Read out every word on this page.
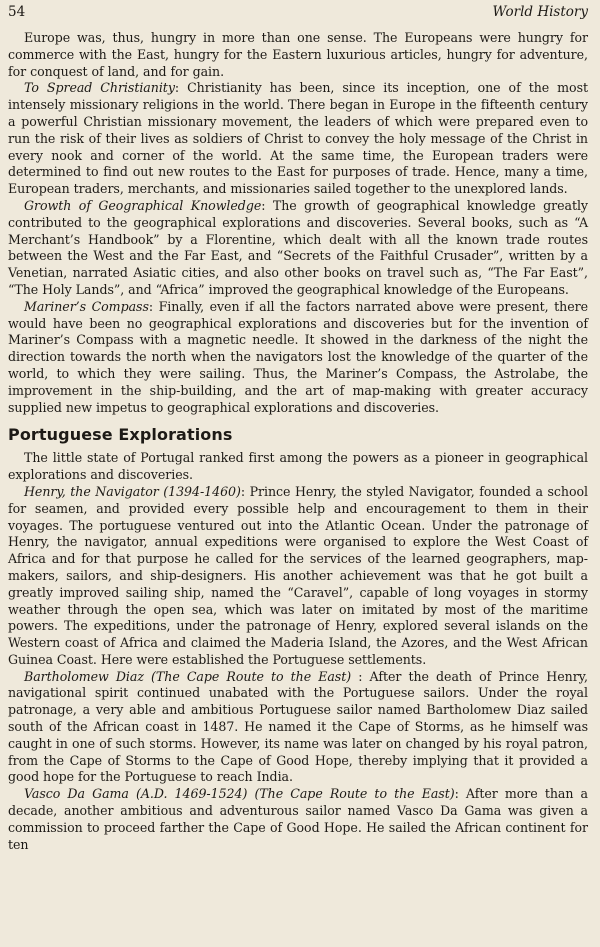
54	World History

Europe was, thus, hungry in more than one sense. The Europeans were hungry for commerce with the East, hungry for the Eastern luxurious articles, hungry for adventure, for conquest of land, and for gain.

To Spread Christianity: Christianity has been, since its inception, one of the most intensely missionary religions in the world. There began in Europe in the fifteenth century a powerful Christian missionary movement, the leaders of which were prepared even to run the risk of their lives as soldiers of Christ to convey the holy message of the Christ in every nook and corner of the world. At the same time, the European traders were determined to find out new routes to the East for purposes of trade. Hence, many a time, European traders, merchants, and missionaries sailed together to the unexplored lands.

Growth of Geographical Knowledge: The growth of geographical knowledge greatly contributed to the geographical explorations and discoveries. Several books, such as “A Merchant’s Handbook” by a Florentine, which dealt with all the known trade routes between the West and the Far East, and “Secrets of the Faithful Crusader”, written by a Venetian, narrated Asiatic cities, and also other books on travel such as, “The Far East”, “The Holy Lands”, and “Africa” improved the geographical knowledge of the Europeans.

Mariner’s Compass: Finally, even if all the factors narrated above were present, there would have been no geographical explorations and discoveries but for the invention of Mariner’s Compass with a magnetic needle. It showed in the darkness of the night the direction towards the north when the navigators lost the knowledge of the quarter of the world, to which they were sailing. Thus, the Mariner’s Compass, the Astrolabe, the improvement in the ship-building, and the art of map-making with greater accuracy supplied new impetus to geographical explorations and discoveries.

Portuguese Explorations

The little state of Portugal ranked first among the powers as a pioneer in geographical explorations and discoveries.

Henry, the Navigator (1394-1460): Prince Henry, the styled Navigator, founded a school for seamen, and provided every possible help and encouragement to them in their voyages. The portuguese ventured out into the Atlantic Ocean. Under the patronage of Henry, the navigator, annual expeditions were organised to explore the West Coast of Africa and for that purpose he called for the services of the learned geographers, map-makers, sailors, and ship-designers. His another achievement was that he got built a greatly improved sailing ship, named the “Caravel”, capable of long voyages in stormy weather through the open sea, which was later on imitated by most of the maritime powers. The expeditions, under the patronage of Henry, explored several islands on the Western coast of Africa and claimed the Maderia Island, the Azores, and the West African Guinea Coast. Here were established the Portuguese settlements.

Bartholomew Diaz (The Cape Route to the East) : After the death of Prince Henry, navigational spirit continued unabated with the Portuguese sailors. Under the royal patronage, a very able and ambitious Portuguese sailor named Bartholomew Diaz sailed south of the African coast in 1487. He named it the Cape of Storms, as he himself was caught in one of such storms. However, its name was later on changed by his royal patron, from the Cape of Storms to the Cape of Good Hope, thereby implying that it provided a good hope for the Portuguese to reach India.

Vasco Da Gama (A.D. 1469-1524) (The Cape Route to the East): After more than a decade, another ambitious and adventurous sailor named Vasco Da Gama was given a commission to proceed farther the Cape of Good Hope. He sailed the African continent for ten
